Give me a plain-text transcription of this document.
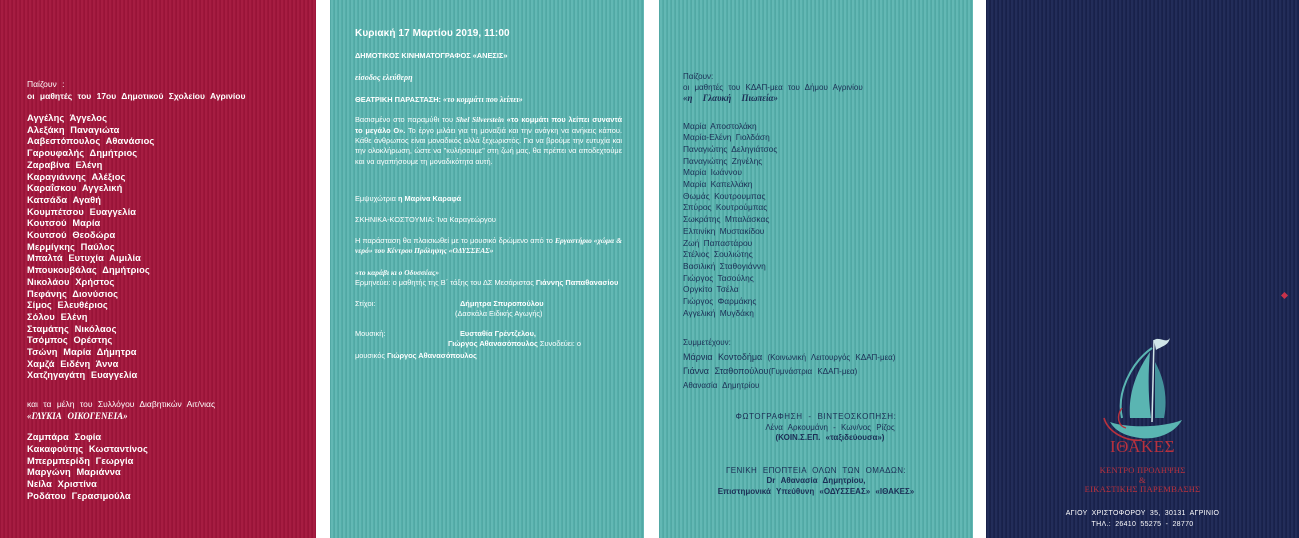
Παίζουν :
οι μαθητές του 17ου Δημοτικού Σχολείου Αγρινίου
Αγγέλης Άγγελος
Αλεξάκη Παναγιώτα
Ααβεστόπουλος Αθανάσιος
Γαρουφαλής Δημήτριος
Ζαραβίνα Ελένη
Καραγιάννης Αλέξιος
Καραΐσκου Αγγελική
Κατσάδα Αγαθή
Κουμπέτσου Ευαγγελία
Κουτσού Μαρία
Κουτσού Θεοδώρα
Μερμίγκης Παύλος
Μπαλτά Ευτυχία Αιμιλία
Μπουκουβάλας Δημήτριος
Νικολάου Χρήστος
Πεφάνης Διονύσιος
Σίμος Ελευθέριος
Σόλου Ελένη
Σταμάτης Νικόλαος
Τσόμπος Ορέστης
Τσώνη Μαρία Δήμητρα
Χαμζά Ειδένη Άννα
Χατζηγαγάτη Ευαγγελία
και τα μέλη του Συλλόγου Διαβητικών Αιτ/νιας
«ΓΛΥΚΙΑ ΟΙΚΟΓΕΝΕΙΑ»
Ζαμπάρα Σοφία
Κακαφούτης Κωσταντίνος
Μπερμπερίδη Γεωργία
Μαργώνη Μαριάννα
Νείλα Χριστίνα
Ροδάτου Γερασιμούλα
Κυριακή 17 Μαρτίου 2019, 11:00
ΔΗΜΟΤΙΚΟΣ ΚΙΝΗΜΑΤΟΓΡΑΦΟΣ «ΑΝΕΣΙΣ»
είσοδος ελεύθερη
ΘΕΑΤΡΙΚΗ ΠΑΡΑΣΤΑΣΗ: «το κομμάτι που λείπει»
Βασισμένο στο παραμύθι του Shel Silverstein «το κομμάτι που λείπει συναντά το μεγάλο Ο». Το έργο μιλάει για τη μοναξιά και την ανάγκη να ανήκεις κάπου. Κάθε άνθρωπος είναι μοναδικός αλλά ξεχωριστός. Για να βρούμε την ευτυχία και την ολοκλήρωση, ώστε να "κυλήσουμε" στη ζωή μας, θα πρέπει να αποδεχτούμε και να αγαπήσουμε τη μοναδικότητα αυτή.
Εμψυχώτρια η Μαρίνα Καραφά
ΣΚΗΝΙΚΑ-ΚΟΣΤΟΥΜΙΑ: Ίνα Καραγεώργου
Η παράσταση θα πλαισιωθεί με το μουσικό δρώμενο από το Εργαστήριο «χώμα & νερό» του Κέντρου Πρόληψης «ΟΔΥΣΣΕΑΣ»
«το καράβι κι ο Οδυσσέας»
Ερμηνεύει: ο μαθητής της Β΄ τάξης του ΔΣ Μεσάριστας Γιάννης Παπαθανασίου
Στίχοι:	Δήμητρα Σπυροπούλου
(Δασκάλα Ειδικής Αγωγής)
Μουσική:	Ευσταθία Γρέντζελου,
Γιώργος Αθανασόπουλος Συνοδεύει: ο
μουσικός Γιώργος Αθανασόπουλος
Παίζουν:
οι μαθητές του ΚΔΑΠ-μεα του Δήμου Αγρινίου
«η Γλαυκή Πιωπεία»
Μαρία Αποστολάκη
Μαρία-Ελένη Γιολδάση
Παναγιώτης Δεληγιάτσος
Παναγιώτης Ζηνέλης
Μαρία Ιωάννου
Μαρία Καπελλάκη
Θωμάς Κουτρουμπας
Σπύρος Κουτρούμπας
Σωκράτης Μπαλάσκας
Ελπινίκη Μυστακίδου
Ζωή Παπαστάρου
Στέλιος Σουλιώτης
Βασιλική Σταθογιάννη
Γιώργος Τασούλης
Οργκίτο Τσέλα
Γιώργος Φαρμάκης
Αγγελική Μυγδάκη
Συμμετέχουν:
Μάρνια Κοντοδήμα (Κοινωνική Λειτουργός ΚΔΑΠ-μεα)
Γιάννα Σταθοπούλου(Γυμνάστρια ΚΔΑΠ-μεα)
Αθανασία Δημητρίου
ΦΩΤΟΓΡΑΦΗΣΗ - ΒΙΝΤΕΟΣΚΟΠΗΣΗ:
Λένα Αρκουμάνη - Κων/νος Ρίζος
(ΚΟΙΝ.Σ.ΕΠ. «ταξιδεύουσα»)
ΓΕΝΙΚΗ ΕΠΟΠΤΕΙΑ ΟΛΩΝ ΤΩΝ ΟΜΑΔΩΝ:
Dr Αθανασία Δημητρίου,
Επιστημονικά Υπεύθυνη «ΟΔΥΣΣΕΑΣ» «ΙΘΑΚΕΣ»
ΙΘΑΚΕΣ
ΚΕΝΤΡΟ ΠΡΟΛΗΨΗΣ
&
ΕΙΚΑΣΤΙΚΗΣ ΠΑΡΕΜΒΑΣΗΣ
ΑΓΙΟΥ ΧΡΙΣΤΟΦΟΡΟΥ 35, 30131 ΑΓΡΙΝΙΟ
ΤΗΛ.: 26410 55275 - 28770
